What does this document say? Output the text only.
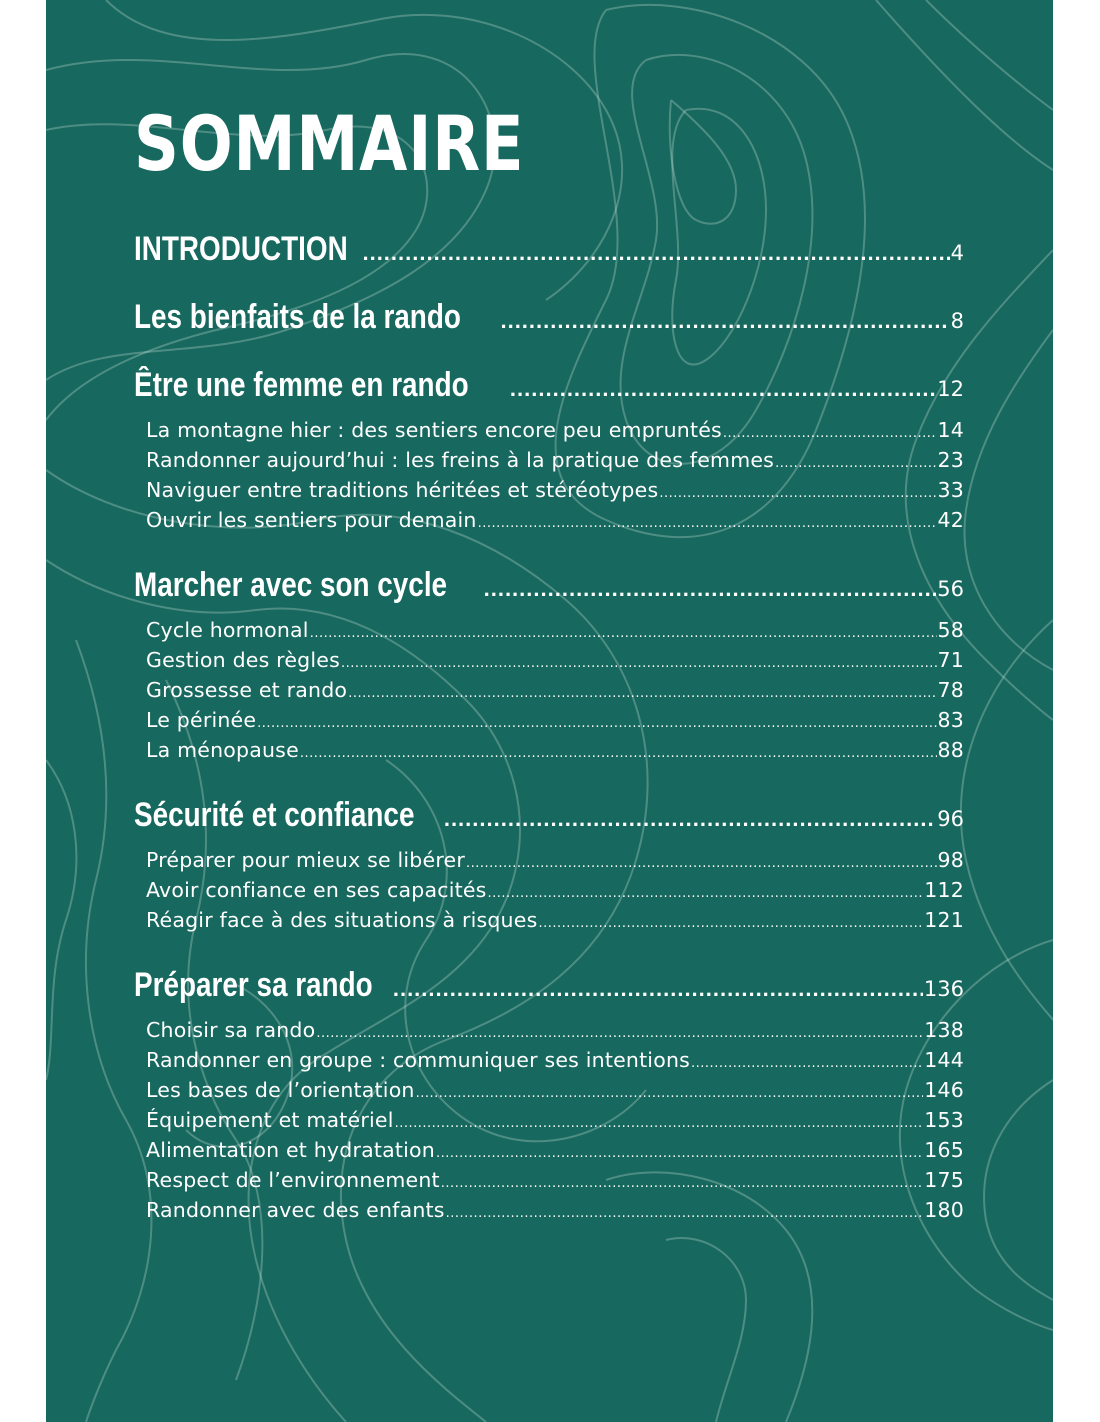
SOMMAIRE
INTRODUCTION .....	4
Les bienfaits de la rando .....	8
Être une femme en rando .....	12
La montagne hier : des sentiers encore peu empruntés .....	14
Randonner aujourd’hui : les freins à la pratique des femmes .....	23
Naviguer entre traditions héritées et stéréotypes .....	33
Ouvrir les sentiers pour demain .....	42
Marcher avec son cycle .....	56
Cycle hormonal .....	58
Gestion des règles .....	71
Grossesse et rando .....	78
Le périnée .....	83
La ménopause .....	88
Sécurité et confiance .....	96
Préparer pour mieux se libérer .....	98
Avoir confiance en ses capacités .....	112
Réagir face à des situations à risques .....	121
Préparer sa rando .....	136
Choisir sa rando .....	138
Randonner en groupe : communiquer ses intentions .....	144
Les bases de l’orientation .....	146
Équipement et matériel .....	153
Alimentation et hydratation .....	165
Respect de l’environnement .....	175
Randonner avec des enfants .....	180
